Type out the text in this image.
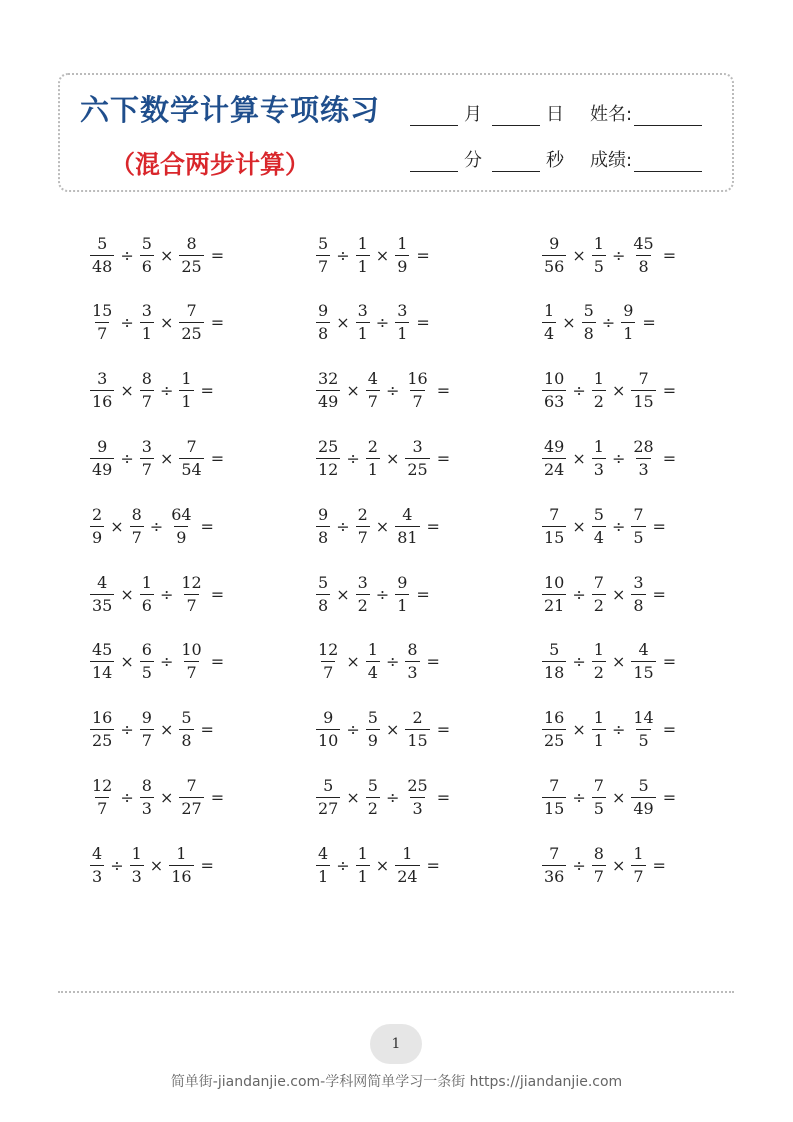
六下数学计算专项练习
（混合两步计算）
月	日 姓名:
分	秒 成绩:
$\frac{5}{48} \div \frac{5}{6} \times \frac{8}{25}$ =	$\frac{5}{7} \div \frac{1}{1} \times \frac{1}{9}$ =	$\frac{9}{56} \times \frac{1}{5} \div \frac{45}{8}$ =
$\frac{15}{7} \div \frac{3}{1} \times \frac{7}{25}$ =	$\frac{9}{8} \times \frac{3}{1} \div \frac{3}{1}$ =	$\frac{1}{4} \times \frac{5}{8} \div \frac{9}{1}$ =
$\frac{3}{16} \times \frac{8}{7} \div \frac{1}{1}$ =	$\frac{32}{49} \times \frac{4}{7} \div \frac{16}{7}$ =	$\frac{10}{63} \div \frac{1}{2} \times \frac{7}{15}$ =
$\frac{9}{49} \div \frac{3}{7} \times \frac{7}{54}$ =	$\frac{25}{12} \div \frac{2}{1} \times \frac{3}{25}$ =	$\frac{49}{24} \times \frac{1}{3} \div \frac{28}{3}$ =
$\frac{2}{9} \times \frac{8}{7} \div \frac{64}{9}$ =	$\frac{9}{8} \div \frac{2}{7} \times \frac{4}{81}$ =	$\frac{7}{15} \times \frac{5}{4} \div \frac{7}{5}$ =
$\frac{4}{35} \times \frac{1}{6} \div \frac{12}{7}$ =	$\frac{5}{8} \times \frac{3}{2} \div \frac{9}{1}$ =	$\frac{10}{21} \div \frac{7}{2} \times \frac{3}{8}$ =
$\frac{45}{14} \times \frac{6}{5} \div \frac{10}{7}$ =	$\frac{12}{7} \times \frac{1}{4} \div \frac{8}{3}$ =	$\frac{5}{18} \div \frac{1}{2} \times \frac{4}{15}$ =
$\frac{16}{25} \div \frac{9}{7} \times \frac{5}{8}$ =	$\frac{9}{10} \div \frac{5}{9} \times \frac{2}{15}$ =	$\frac{16}{25} \times \frac{1}{1} \div \frac{14}{5}$ =
$\frac{12}{7} \div \frac{8}{3} \times \frac{7}{27}$ =	$\frac{5}{27} \times \frac{5}{2} \div \frac{25}{3}$ =	$\frac{7}{15} \div \frac{7}{5} \times \frac{5}{49}$ =
$\frac{4}{3} \div \frac{1}{3} \times \frac{1}{16}$ =	$\frac{4}{1} \div \frac{1}{1} \times \frac{1}{24}$ =	$\frac{7}{36} \div \frac{8}{7} \times \frac{1}{7}$ =
1
简单街-jiandanjie.com-学科网简单学习一条街 https://jiandanjie.com
